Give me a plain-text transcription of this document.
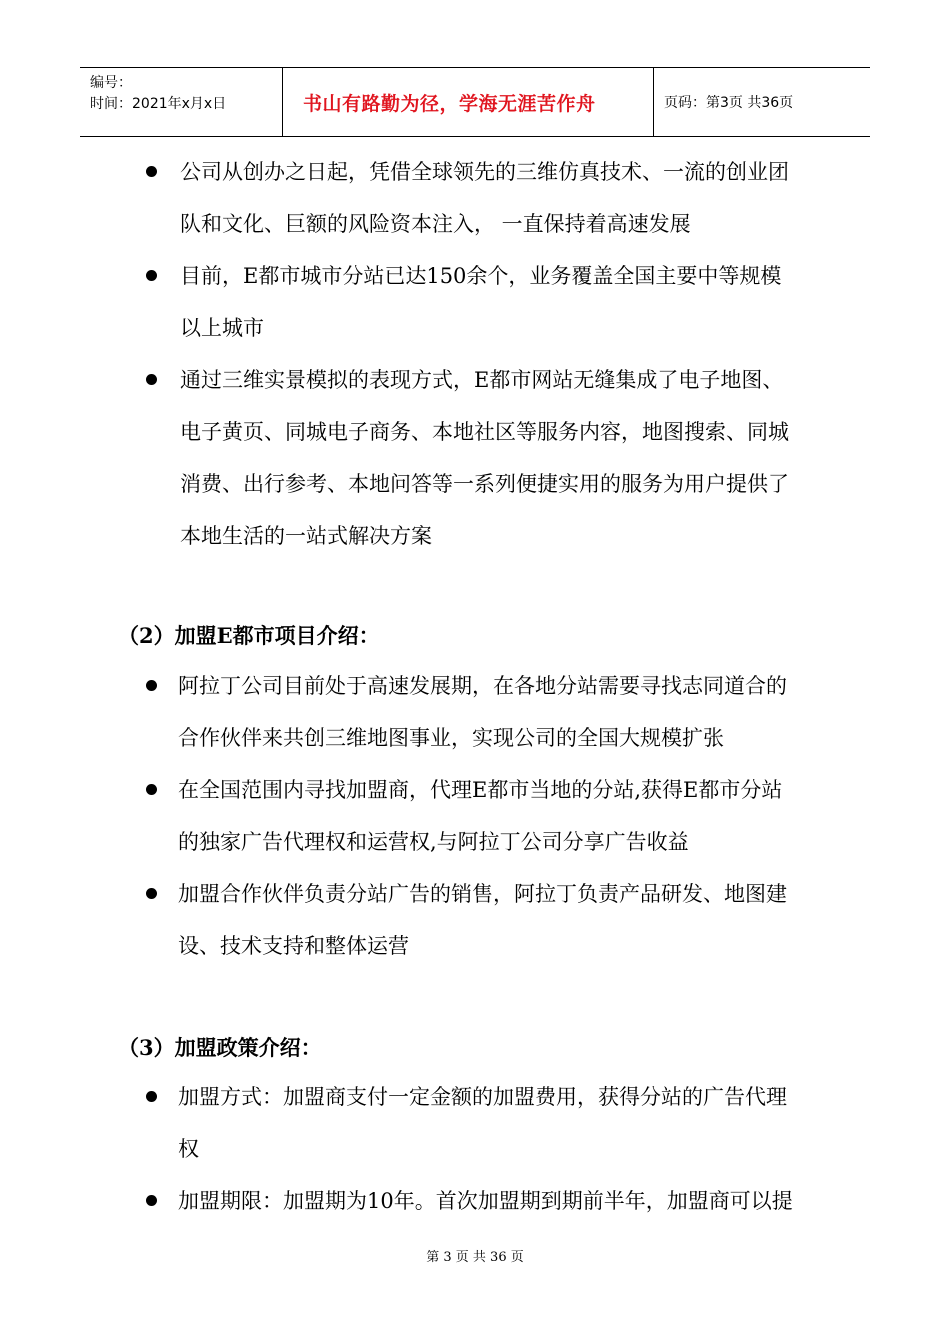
编号：
时间：2021年x月x日	书山有路勤为径，学海无涯苦作舟	页码：第3页 共36页
公司从创办之日起，凭借全球领先的三维仿真技术、一流的创业团
队和文化、巨额的风险资本注入， 一直保持着高速发展
目前，E都市城市分站已达150余个，业务覆盖全国主要中等规模
以上城市
通过三维实景模拟的表现方式，E都市网站无缝集成了电子地图、
电子黄页、同城电子商务、本地社区等服务内容，地图搜索、同城
消费、出行参考、本地问答等一系列便捷实用的服务为用户提供了
本地生活的一站式解决方案
（2）加盟E都市项目介绍：
阿拉丁公司目前处于高速发展期，在各地分站需要寻找志同道合的
合作伙伴来共创三维地图事业，实现公司的全国大规模扩张
在全国范围内寻找加盟商，代理E都市当地的分站,获得E都市分站
的独家广告代理权和运营权,与阿拉丁公司分享广告收益
加盟合作伙伴负责分站广告的销售，阿拉丁负责产品研发、地图建
设、技术支持和整体运营
（3）加盟政策介绍：
加盟方式：加盟商支付一定金额的加盟费用，获得分站的广告代理
权
加盟期限：加盟期为10年。首次加盟期到期前半年，加盟商可以提
第 3 页 共 36 页
